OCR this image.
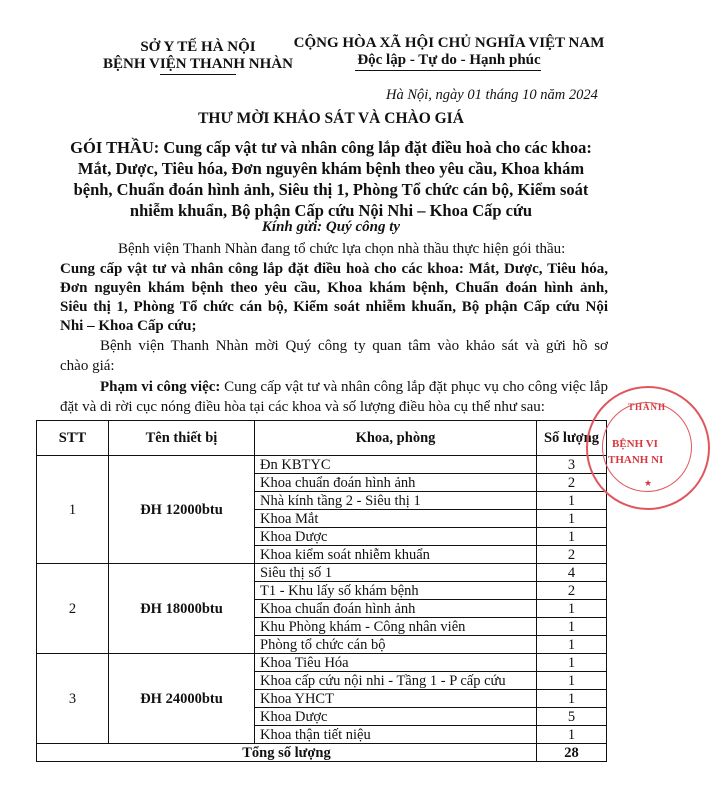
SỞ Y TẾ HÀ NỘI
BỆNH VIỆN THANH NHÀN
CỘNG HÒA XÃ HỘI CHỦ NGHĨA VIỆT NAM
Độc lập - Tự do - Hạnh phúc
Hà Nội, ngày 01 tháng 10 năm 2024
THƯ MỜI KHẢO SÁT VÀ CHÀO GIÁ
GÓI THẦU: Cung cấp vật tư và nhân công lắp đặt điều hoà cho các khoa:
Mắt, Dược, Tiêu hóa, Đơn nguyên khám bệnh theo yêu cầu, Khoa khám
bệnh, Chuẩn đoán hình ảnh, Siêu thị 1, Phòng Tổ chức cán bộ, Kiểm soát
nhiễm khuẩn, Bộ phận Cấp cứu Nội Nhi – Khoa Cấp cứu
Kính gửi: Quý công ty
Bệnh viện Thanh Nhàn đang tổ chức lựa chọn nhà thầu thực hiện gói thầu:
Cung cấp vật tư và nhân công lắp đặt điều hoà cho các khoa: Mắt, Dược, Tiêu hóa,
Đơn nguyên khám bệnh theo yêu cầu, Khoa khám bệnh, Chuẩn đoán hình ảnh,
Siêu thị 1, Phòng Tổ chức cán bộ, Kiểm soát nhiễm khuẩn, Bộ phận Cấp cứu Nội
Nhi – Khoa Cấp cứu;
Bệnh viện Thanh Nhàn mời Quý công ty quan tâm vào khảo sát và gửi hồ sơ
chào giá:
Phạm vi công việc: Cung cấp vật tư và nhân công lắp đặt phục vụ cho công việc lắp
đặt và di rời cục nóng điều hòa tại các khoa và số lượng điều hòa cụ thể như sau:
STT	Tên thiết bị	Khoa, phòng	Số lượng
1	ĐH 12000btu	Đn KBTYC	3
		Khoa chuẩn đoán hình ảnh	2
		Nhà kính tầng 2 - Siêu thị 1	1
		Khoa Mắt	1
		Khoa Dược	1
		Khoa kiểm soát nhiễm khuẩn	2
2	ĐH 18000btu	Siêu thị số 1	4
		T1 - Khu lấy số khám bệnh	2
		Khoa chuẩn đoán hình ảnh	1
		Khu Phòng khám - Công nhân viên	1
		Phòng tổ chức cán bộ	1
3	ĐH 24000btu	Khoa Tiêu Hóa	1
		Khoa cấp cứu nội nhi - Tầng 1 - P cấp cứu	1
		Khoa YHCT	1
		Khoa Dược	5
		Khoa thận tiết niệu	1
Tổng số lượng			28
THÀNH
BỆNH VI
THANH NI
★
